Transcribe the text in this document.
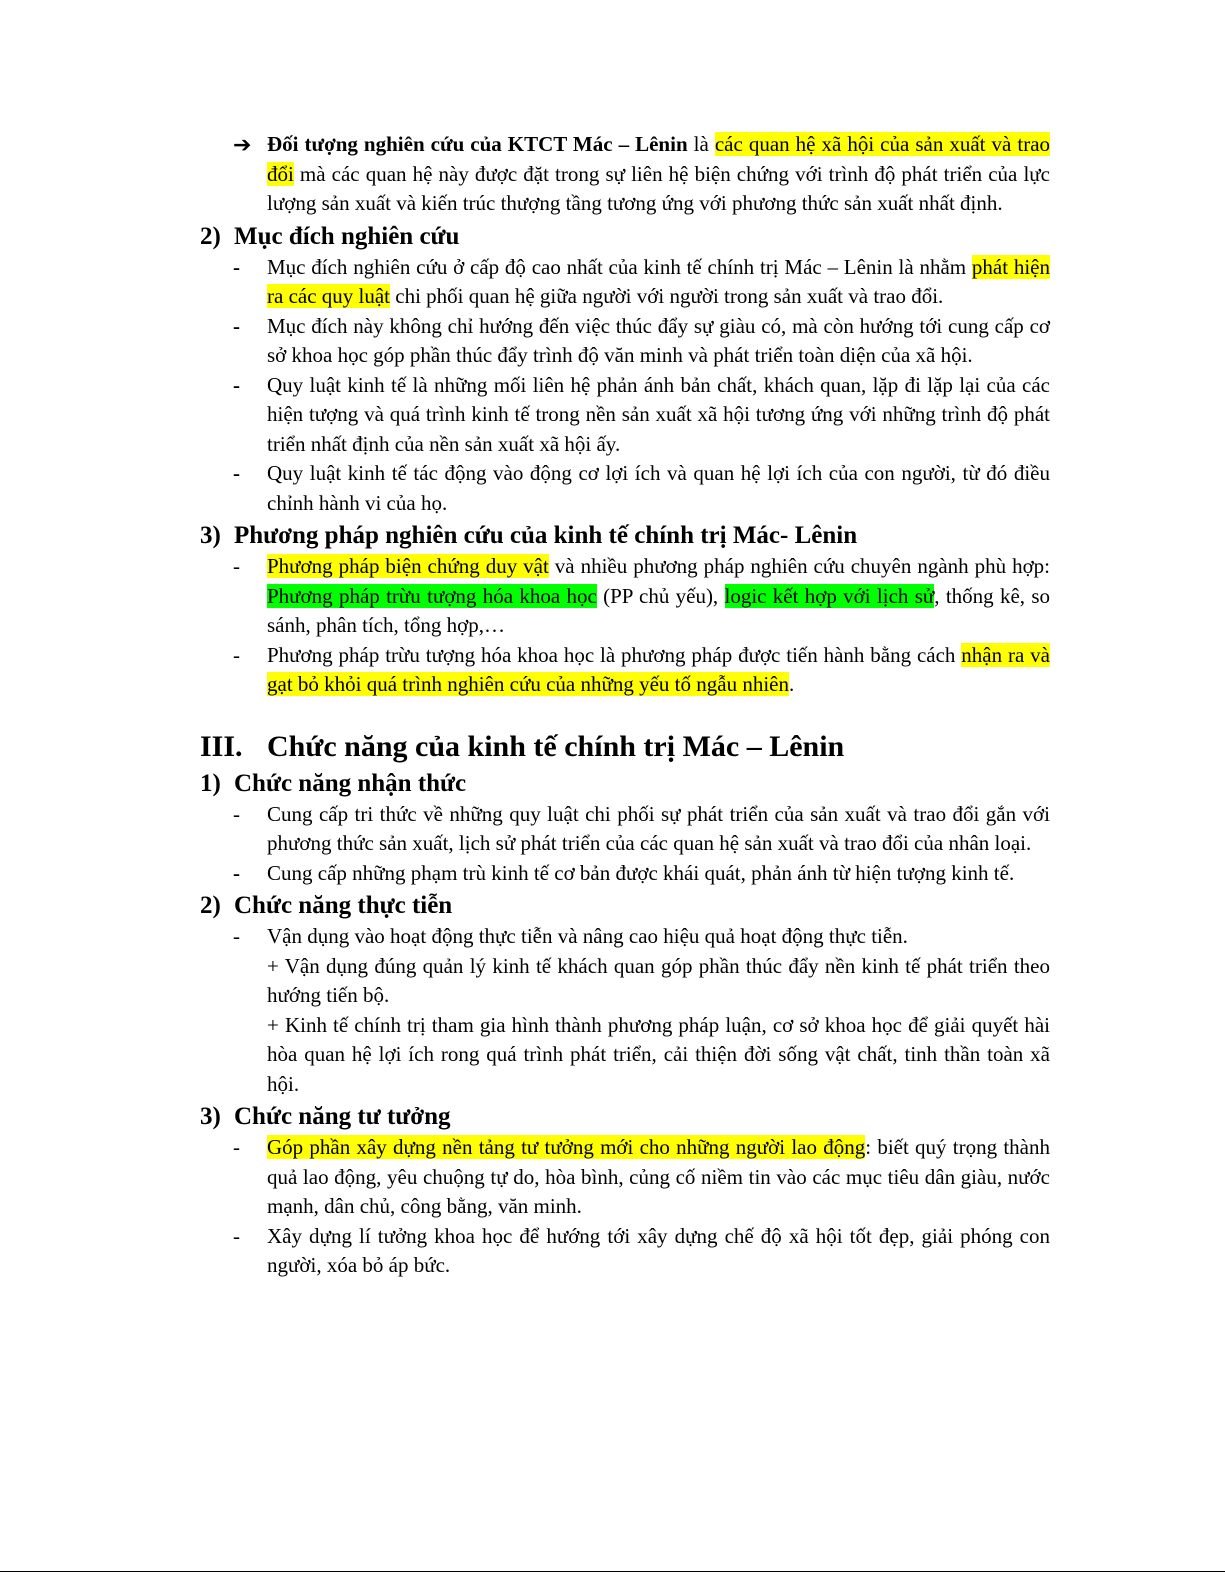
➔ Đối tượng nghiên cứu của KTCT Mác – Lênin là các quan hệ xã hội của sản xuất và trao đổi mà các quan hệ này được đặt trong sự liên hệ biện chứng với trình độ phát triển của lực lượng sản xuất và kiến trúc thượng tầng tương ứng với phương thức sản xuất nhất định.

2) Mục đích nghiên cứu

- Mục đích nghiên cứu ở cấp độ cao nhất của kinh tế chính trị Mác – Lênin là nhằm phát hiện ra các quy luật chi phối quan hệ giữa người với người trong sản xuất và trao đổi.

- Mục đích này không chỉ hướng đến việc thúc đẩy sự giàu có, mà còn hướng tới cung cấp cơ sở khoa học góp phần thúc đẩy trình độ văn minh và phát triển toàn diện của xã hội.

- Quy luật kinh tế là những mối liên hệ phản ánh bản chất, khách quan, lặp đi lặp lại của các hiện tượng và quá trình kinh tế trong nền sản xuất xã hội tương ứng với những trình độ phát triển nhất định của nền sản xuất xã hội ấy.

- Quy luật kinh tế tác động vào động cơ lợi ích và quan hệ lợi ích của con người, từ đó điều chỉnh hành vi của họ.

3) Phương pháp nghiên cứu của kinh tế chính trị Mác- Lênin

- Phương pháp biện chứng duy vật và nhiều phương pháp nghiên cứu chuyên ngành phù hợp: Phương pháp trừu tượng hóa khoa học (PP chủ yếu), logic kết hợp với lịch sử, thống kê, so sánh, phân tích, tổng hợp,…

- Phương pháp trừu tượng hóa khoa học là phương pháp được tiến hành bằng cách nhận ra và gạt bỏ khỏi quá trình nghiên cứu của những yếu tố ngẫu nhiên.

III. Chức năng của kinh tế chính trị Mác – Lênin
1) Chức năng nhận thức

- Cung cấp tri thức về những quy luật chi phối sự phát triển của sản xuất và trao đổi gắn với phương thức sản xuất, lịch sử phát triển của các quan hệ sản xuất và trao đổi của nhân loại.

- Cung cấp những phạm trù kinh tế cơ bản được khái quát, phản ánh từ hiện tượng kinh tế.

2) Chức năng thực tiễn

- Vận dụng vào hoạt động thực tiễn và nâng cao hiệu quả hoạt động thực tiễn.

+ Vận dụng đúng quản lý kinh tế khách quan góp phần thúc đẩy nền kinh tế phát triển theo hướng tiến bộ.

+ Kinh tế chính trị tham gia hình thành phương pháp luận, cơ sở khoa học để giải quyết hài hòa quan hệ lợi ích rong quá trình phát triển, cải thiện đời sống vật chất, tinh thần toàn xã hội.

3) Chức năng tư tưởng

- Góp phần xây dựng nền tảng tư tưởng mới cho những người lao động: biết quý trọng thành quả lao động, yêu chuộng tự do, hòa bình, củng cố niềm tin vào các mục tiêu dân giàu, nước mạnh, dân chủ, công bằng, văn minh.

- Xây dựng lí tưởng khoa học để hướng tới xây dựng chế độ xã hội tốt đẹp, giải phóng con người, xóa bỏ áp bức.
